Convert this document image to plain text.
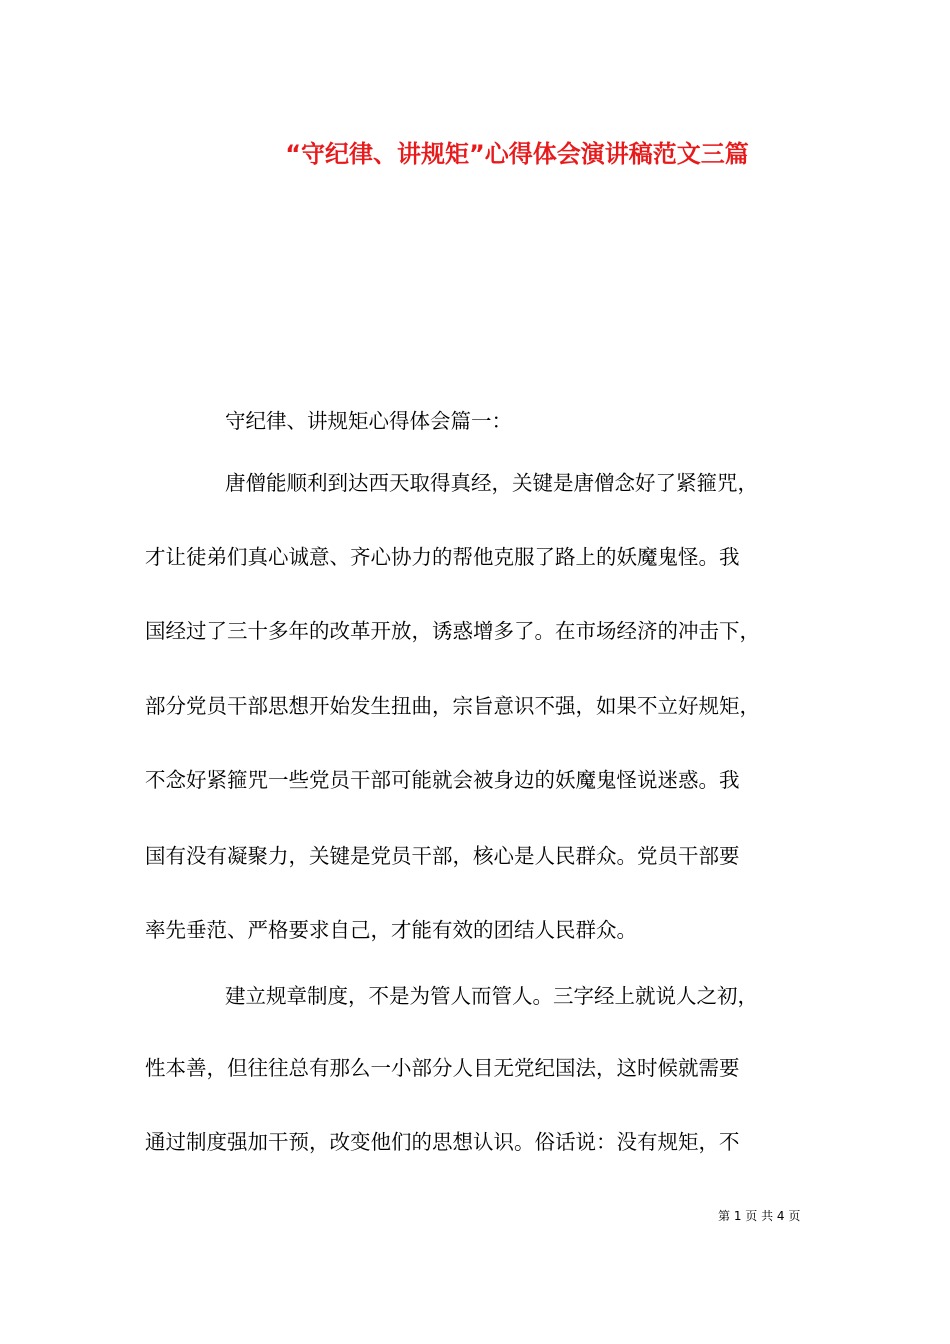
“守纪律、讲规矩”心得体会演讲稿范文三篇

守纪律、讲规矩心得体会篇一：

唐僧能顺利到达西天取得真经，关键是唐僧念好了紧箍咒，

才让徒弟们真心诚意、齐心协力的帮他克服了路上的妖魔鬼怪。我

国经过了三十多年的改革开放，诱惑增多了。在市场经济的冲击下，

部分党员干部思想开始发生扭曲，宗旨意识不强，如果不立好规矩，

不念好紧箍咒一些党员干部可能就会被身边的妖魔鬼怪说迷惑。我

国有没有凝聚力，关键是党员干部，核心是人民群众。党员干部要

率先垂范、严格要求自己，才能有效的团结人民群众。

建立规章制度，不是为管人而管人。三字经上就说人之初，

性本善，但往往总有那么一小部分人目无党纪国法，这时候就需要

通过制度强加干预，改变他们的思想认识。俗话说：没有规矩，不

第 1 页 共 4 页
